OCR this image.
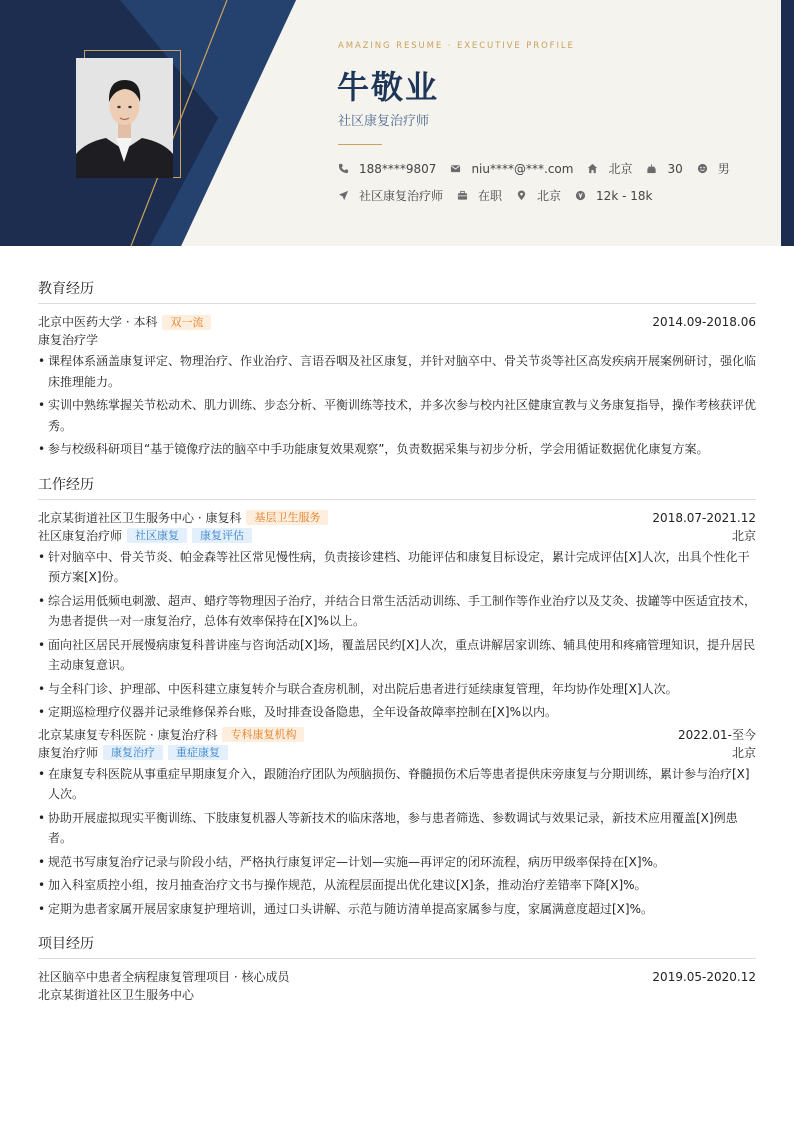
AMAZING RESUME · EXECUTIVE PROFILE
牛敬业
社区康复治疗师
188****9807	niu****@***.com	北京	30	男
社区康复治疗师	在职	北京	12k - 18k
教育经历
北京中医药大学 · 本科	双一流	2014.09-2018.06
康复治疗学
• 课程体系涵盖康复评定、物理治疗、作业治疗、言语吞咽及社区康复，并针对脑卒中、骨关节炎等社区高发疾病开展案例研讨，强化临床推理能力。
• 实训中熟练掌握关节松动术、肌力训练、步态分析、平衡训练等技术，并多次参与校内社区健康宣教与义务康复指导，操作考核获评优秀。
• 参与校级科研项目“基于镜像疗法的脑卒中手功能康复效果观察”，负责数据采集与初步分析，学会用循证数据优化康复方案。
工作经历
北京某街道社区卫生服务中心 · 康复科	基层卫生服务	2018.07-2021.12
社区康复治疗师	社区康复	康复评估	北京
• 针对脑卒中、骨关节炎、帕金森等社区常见慢性病，负责接诊建档、功能评估和康复目标设定，累计完成评估[X]人次，出具个性化干预方案[X]份。
• 综合运用低频电刺激、超声、蜡疗等物理因子治疗，并结合日常生活活动训练、手工制作等作业治疗以及艾灸、拔罐等中医适宜技术，为患者提供一对一康复治疗，总体有效率保持在[X]%以上。
• 面向社区居民开展慢病康复科普讲座与咨询活动[X]场，覆盖居民约[X]人次，重点讲解居家训练、辅具使用和疼痛管理知识，提升居民主动康复意识。
• 与全科门诊、护理部、中医科建立康复转介与联合查房机制，对出院后患者进行延续康复管理，年均协作处理[X]人次。
• 定期巡检理疗仪器并记录维修保养台账，及时排查设备隐患，全年设备故障率控制在[X]%以内。
北京某康复专科医院 · 康复治疗科	专科康复机构	2022.01-至今
康复治疗师	康复治疗	重症康复	北京
• 在康复专科医院从事重症早期康复介入，跟随治疗团队为颅脑损伤、脊髓损伤术后等患者提供床旁康复与分期训练，累计参与治疗[X]人次。
• 协助开展虚拟现实平衡训练、下肢康复机器人等新技术的临床落地，参与患者筛选、参数调试与效果记录，新技术应用覆盖[X]例患者。
• 规范书写康复治疗记录与阶段小结，严格执行康复评定—计划—实施—再评定的闭环流程，病历甲级率保持在[X]%。
• 加入科室质控小组，按月抽查治疗文书与操作规范，从流程层面提出优化建议[X]条，推动治疗差错率下降[X]%。
• 定期为患者家属开展居家康复护理培训，通过口头讲解、示范与随访清单提高家属参与度，家属满意度超过[X]%。
项目经历
社区脑卒中患者全病程康复管理项目 · 核心成员	2019.05-2020.12
北京某街道社区卫生服务中心
